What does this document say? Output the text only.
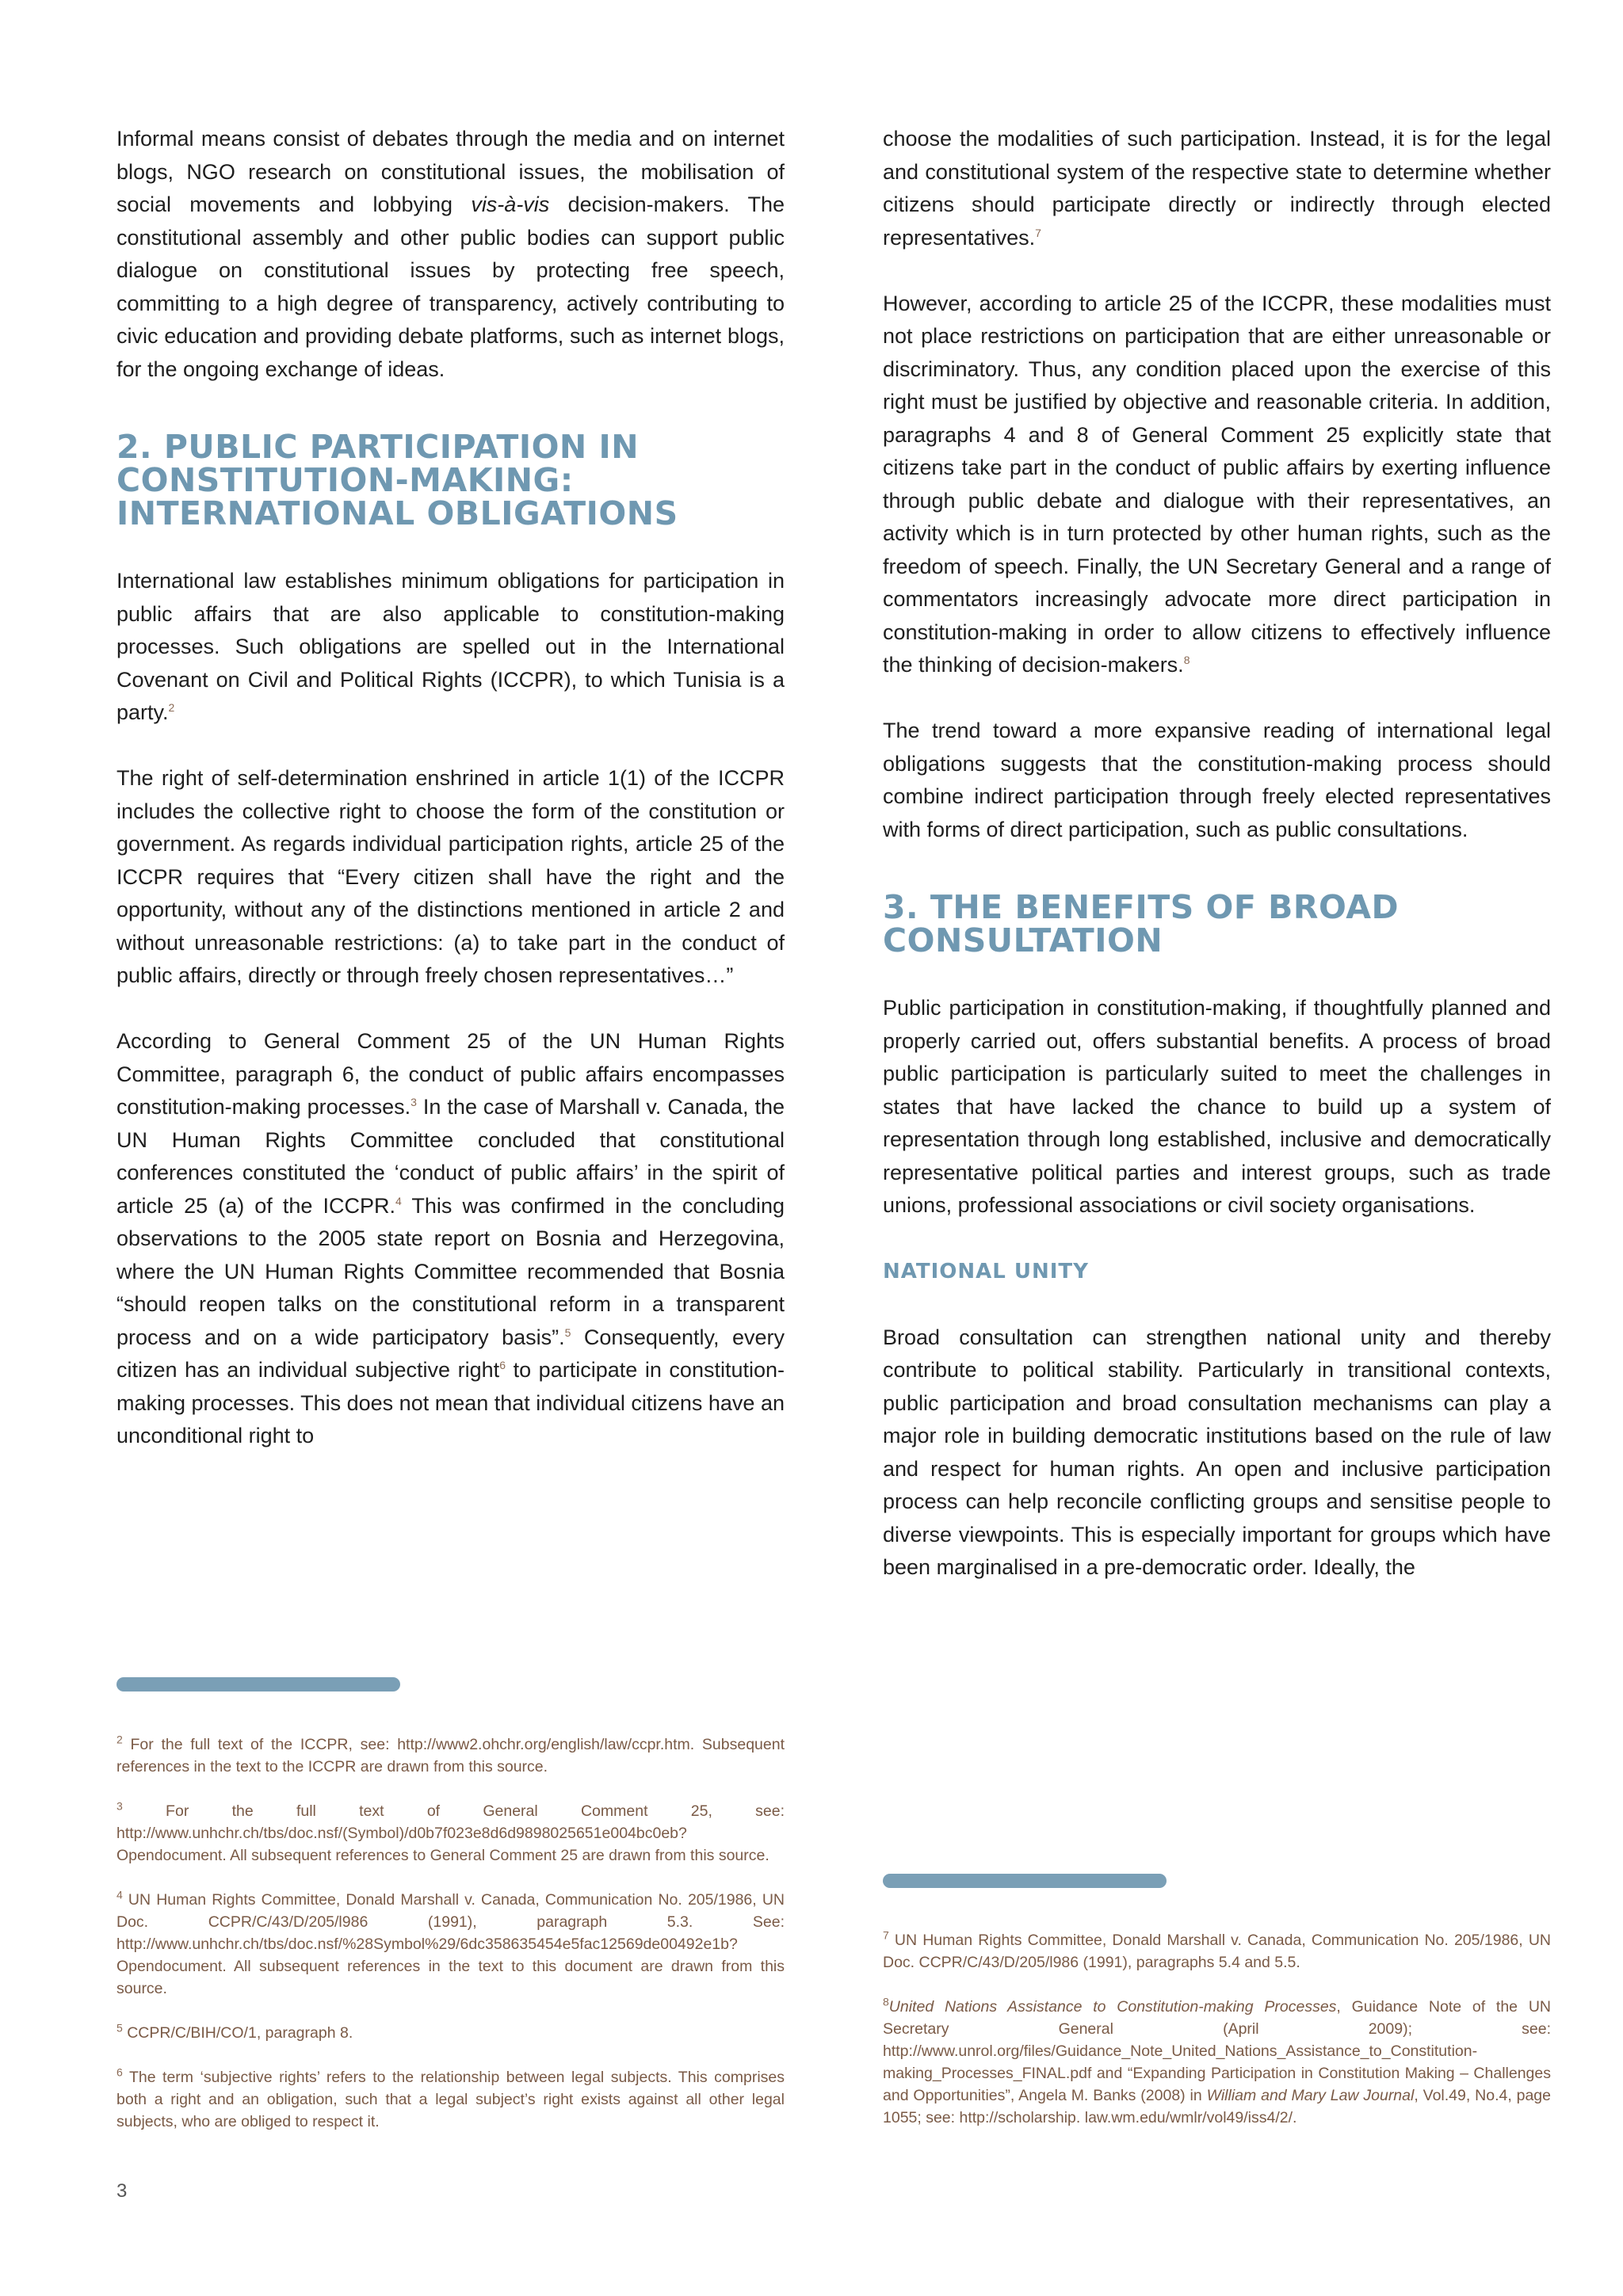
Informal means consist of debates through the media and on internet blogs, NGO research on constitutional issues, the mobilisation of social movements and lobbying vis-à-vis decision-makers. The constitutional assembly and other public bodies can support public dialogue on constitutional issues by protecting free speech, committing to a high degree of transparency, actively contributing to civic education and providing debate platforms, such as internet blogs, for the ongoing exchange of ideas.

2. PUBLIC PARTICIPATION IN
CONSTITUTION-MAKING:
INTERNATIONAL OBLIGATIONS

International law establishes minimum obligations for participation in public affairs that are also applicable to constitution-making processes. Such obligations are spelled out in the International Covenant on Civil and Political Rights (ICCPR), to which Tunisia is a party.$^2$

The right of self-determination enshrined in article 1(1) of the ICCPR includes the collective right to choose the form of the constitution or government. As regards individual participation rights, article 25 of the ICCPR requires that “Every citizen shall have the right and the opportunity, without any of the distinctions mentioned in article 2 and without unreasonable restrictions: (a) to take part in the conduct of public affairs, directly or through freely chosen representatives…”

According to General Comment 25 of the UN Human Rights Committee, paragraph 6, the conduct of public affairs encompasses constitution-making processes.$^3$ In the case of Marshall v. Canada, the UN Human Rights Committee concluded that constitutional conferences constituted the ‘conduct of public affairs’ in the spirit of article 25 (a) of the ICCPR.$^4$ This was confirmed in the concluding observations to the 2005 state report on Bosnia and Herzegovina, where the UN Human Rights Committee recommended that Bosnia “should reopen talks on the constitutional reform in a transparent process and on a wide participatory basis”.$^5$ Consequently, every citizen has an individual subjective right$^6$ to participate in constitution-making processes. This does not mean that individual citizens have an unconditional right to

choose the modalities of such participation. Instead, it is for the legal and constitutional system of the respective state to determine whether citizens should participate directly or indirectly through elected representatives.$^7$

However, according to article 25 of the ICCPR, these modalities must not place restrictions on participation that are either unreasonable or discriminatory. Thus, any condition placed upon the exercise of this right must be justified by objective and reasonable criteria. In addition, paragraphs 4 and 8 of General Comment 25 explicitly state that citizens take part in the conduct of public affairs by exerting influence through public debate and dialogue with their representatives, an activity which is in turn protected by other human rights, such as the freedom of speech. Finally, the UN Secretary General and a range of commentators increasingly advocate more direct participation in constitution-making in order to allow citizens to effectively influence the thinking of decision-makers.$^8$

The trend toward a more expansive reading of international legal obligations suggests that the constitution-making process should combine indirect participation through freely elected representatives with forms of direct participation, such as public consultations.

3. THE BENEFITS OF BROAD
CONSULTATION

Public participation in constitution-making, if thoughtfully planned and properly carried out, offers substantial benefits. A process of broad public participation is particularly suited to meet the challenges in states that have lacked the chance to build up a system of representation through long established, inclusive and democratically representative political parties and interest groups, such as trade unions, professional associations or civil society organisations.

NATIONAL UNITY

Broad consultation can strengthen national unity and thereby contribute to political stability. Particularly in transitional contexts, public participation and broad consultation mechanisms can play a major role in building democratic institutions based on the rule of law and respect for human rights. An open and inclusive participation process can help reconcile conflicting groups and sensitise people to diverse viewpoints. This is especially important for groups which have been marginalised in a pre-democratic order. Ideally, the

$^2$ For the full text of the ICCPR, see: http://www2.ohchr.org/english/law/ccpr.htm. Subsequent references in the text to the ICCPR are drawn from this source.

$^3$ For the full text of General Comment 25, see: http://www.unhchr.ch/tbs/doc.nsf/(Symbol)/d0b7f023e8d6d9898025651e004bc0eb?Opendocument. All subsequent references to General Comment 25 are drawn from this source.

$^4$ UN Human Rights Committee, Donald Marshall v. Canada, Communication No. 205/1986, UN Doc. CCPR/C/43/D/205/l986 (1991), paragraph 5.3. See: http://www.unhchr.ch/tbs/doc.nsf/%28Symbol%29/6dc358635454e5fac12569de00492e1b?Opendocument. All subsequent references in the text to this document are drawn from this source.

$^5$ CCPR/C/BIH/CO/1, paragraph 8.

$^6$ The term ‘subjective rights’ refers to the relationship between legal subjects. This comprises both a right and an obligation, such that a legal subject’s right exists against all other legal subjects, who are obliged to respect it.

$^7$ UN Human Rights Committee, Donald Marshall v. Canada, Communication No. 205/1986, UN Doc. CCPR/C/43/D/205/l986 (1991), paragraphs 5.4 and 5.5.

$^8$United Nations Assistance to Constitution-making Processes, Guidance Note of the UN Secretary General (April 2009); see: http://www.unrol.org/files/Guidance_Note_United_Nations_Assistance_to_Constitution-making_Processes_FINAL.pdf and “Expanding Participation in Constitution Making – Challenges and Opportunities”, Angela M. Banks (2008) in William and Mary Law Journal, Vol.49, No.4, page 1055; see: http://scholarship. law.wm.edu/wmlr/vol49/iss4/2/.

3
